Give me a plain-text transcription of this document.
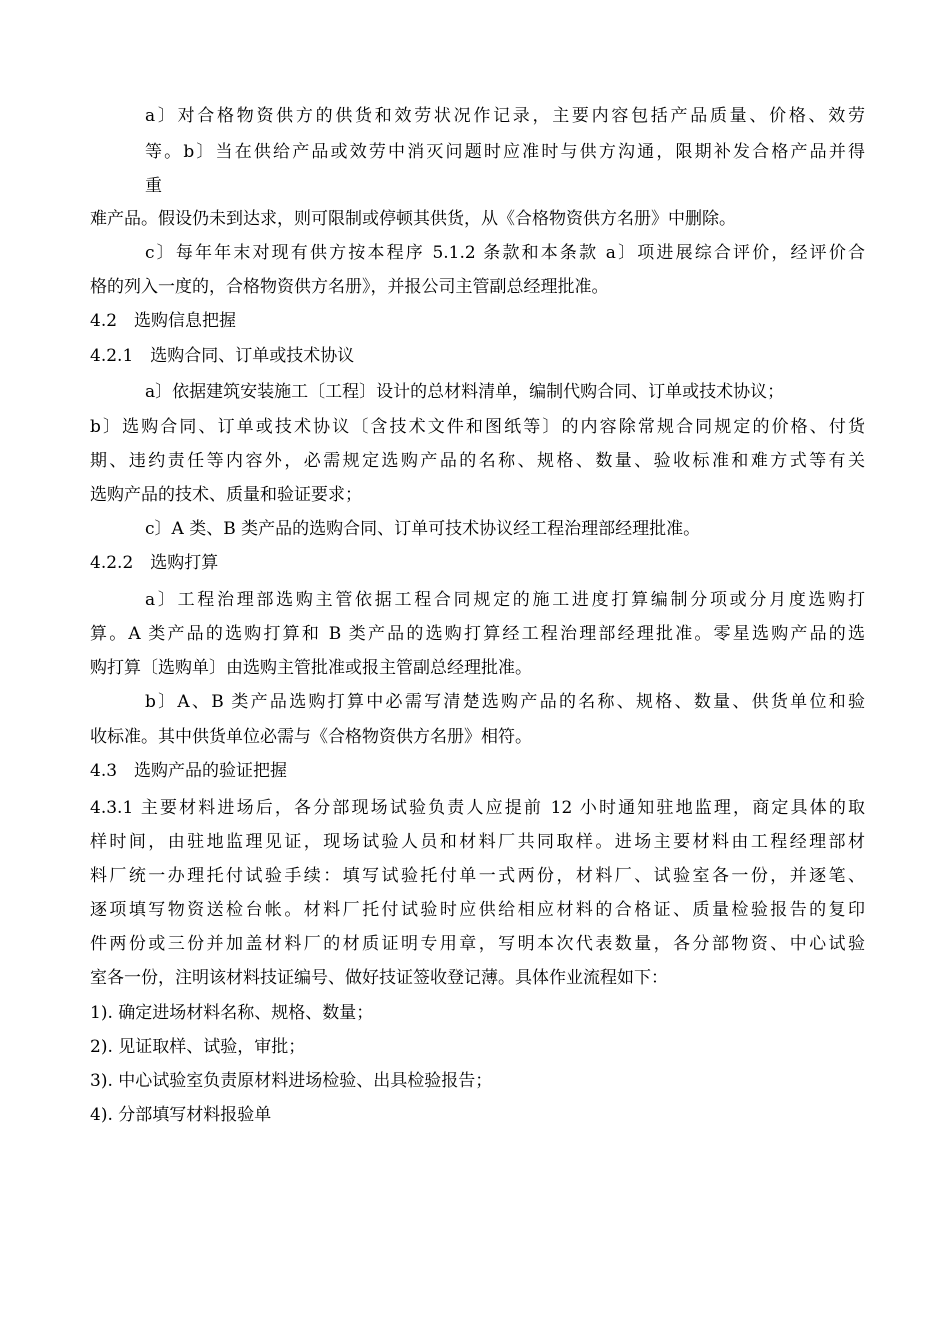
a〕对合格物资供方的供货和效劳状况作记录，主要内容包括产品质量、价格、效劳

等。b〕当在供给产品或效劳中消灭问题时应准时与供方沟通，限期补发合格产品并得

重

难产品。假设仍未到达求，则可限制或停顿其供货，从《合格物资供方名册》中删除。

c〕每年年末对现有供方按本程序 5.1.2 条款和本条款 a〕项进展综合评价，经评价合

格的列入一度的，合格物资供方名册》，并报公司主管副总经理批准。

4.2　选购信息把握

4.2.1　选购合同、订单或技术协议

a〕依据建筑安装施工〔工程〕设计的总材料清单，编制代购合同、订单或技术协议；

b〕选购合同、订单或技术协议〔含技术文件和图纸等〕的内容除常规合同规定的价格、付货

期、违约责任等内容外，必需规定选购产品的名称、规格、数量、验收标准和难方式等有关

选购产品的技术、质量和验证要求；

c〕A 类、B 类产品的选购合同、订单可技术协议经工程治理部经理批准。

4.2.2　选购打算

a〕工程治理部选购主管依据工程合同规定的施工进度打算编制分项或分月度选购打

算。A 类产品的选购打算和 B 类产品的选购打算经工程治理部经理批准。零星选购产品的选

购打算〔选购单〕由选购主管批准或报主管副总经理批准。

b〕A、B 类产品选购打算中必需写清楚选购产品的名称、规格、数量、供货单位和验

收标准。其中供货单位必需与《合格物资供方名册》相符。

4.3　选购产品的验证把握

4.3.1 主要材料进场后，各分部现场试验负责人应提前 12 小时通知驻地监理，商定具体的取

样时间，由驻地监理见证，现场试验人员和材料厂共同取样。进场主要材料由工程经理部材

料厂统一办理托付试验手续：填写试验托付单一式两份，材料厂、试验室各一份，并逐笔、

逐项填写物资送检台帐。材料厂托付试验时应供给相应材料的合格证、质量检验报告的复印

件两份或三份并加盖材料厂的材质证明专用章，写明本次代表数量，各分部物资、中心试验

室各一份，注明该材料技证编号、做好技证签收登记薄。具体作业流程如下：

1). 确定进场材料名称、规格、数量；

2). 见证取样、试验，审批；

3). 中心试验室负责原材料进场检验、出具检验报告；

4). 分部填写材料报验单
